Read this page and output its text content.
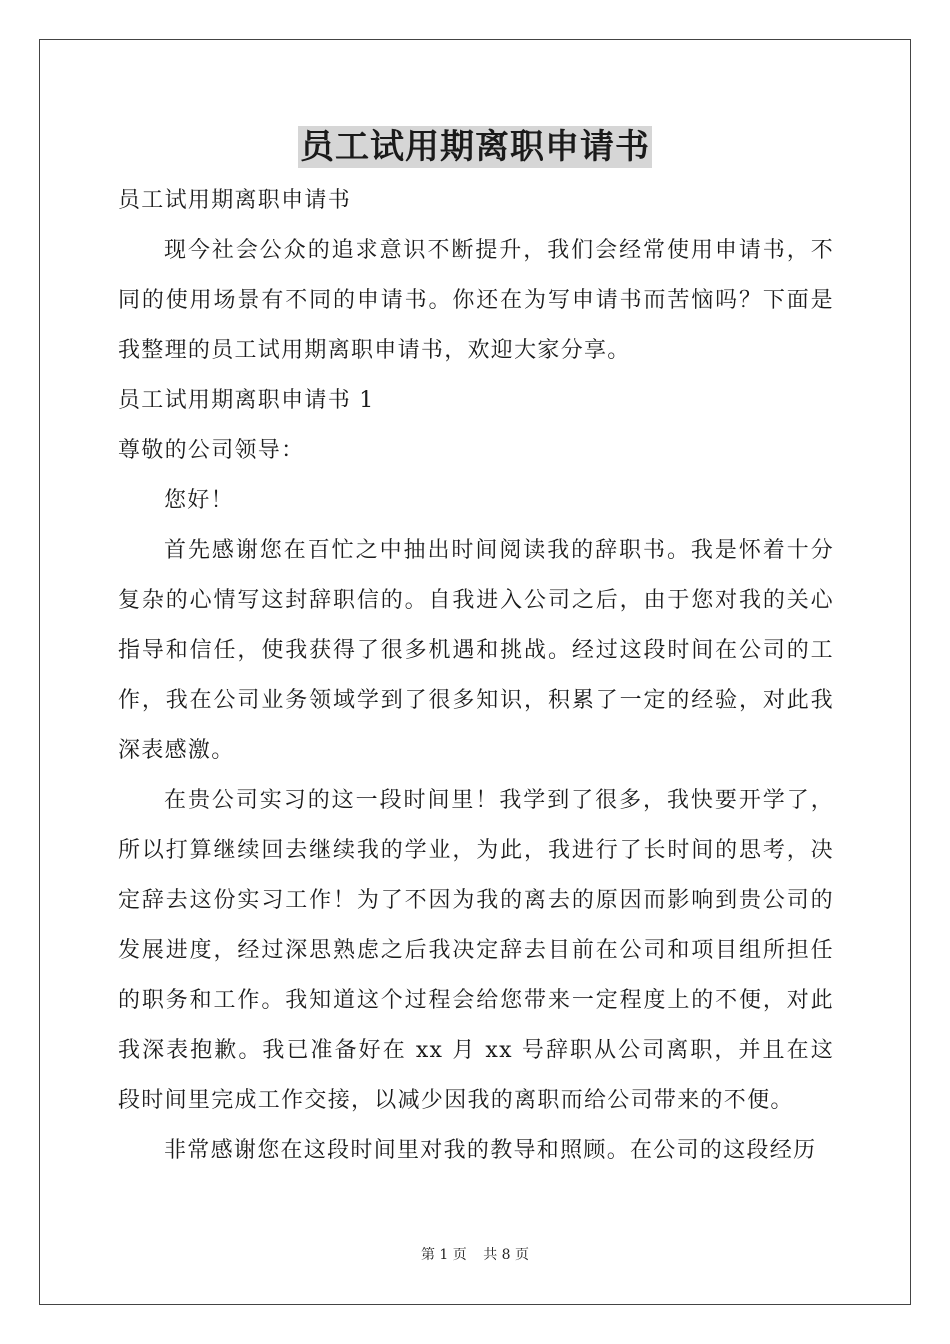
员工试用期离职申请书
员工试用期离职申请书
现今社会公众的追求意识不断提升，我们会经常使用申请书，不同的使用场景有不同的申请书。你还在为写申请书而苦恼吗？下面是我整理的员工试用期离职申请书，欢迎大家分享。
员工试用期离职申请书 1
尊敬的公司领导：
您好！
首先感谢您在百忙之中抽出时间阅读我的辞职书。我是怀着十分复杂的心情写这封辞职信的。自我进入公司之后，由于您对我的关心指导和信任，使我获得了很多机遇和挑战。经过这段时间在公司的工作，我在公司业务领域学到了很多知识，积累了一定的经验，对此我深表感激。
在贵公司实习的这一段时间里！我学到了很多，我快要开学了，所以打算继续回去继续我的学业，为此，我进行了长时间的思考，决定辞去这份实习工作！为了不因为我的离去的原因而影响到贵公司的发展进度，经过深思熟虑之后我决定辞去目前在公司和项目组所担任的职务和工作。我知道这个过程会给您带来一定程度上的不便，对此我深表抱歉。我已准备好在 xx 月 xx 号辞职从公司离职，并且在这段时间里完成工作交接，以减少因我的离职而给公司带来的不便。
非常感谢您在这段时间里对我的教导和照顾。在公司的这段经历
第 1 页 共 8 页
